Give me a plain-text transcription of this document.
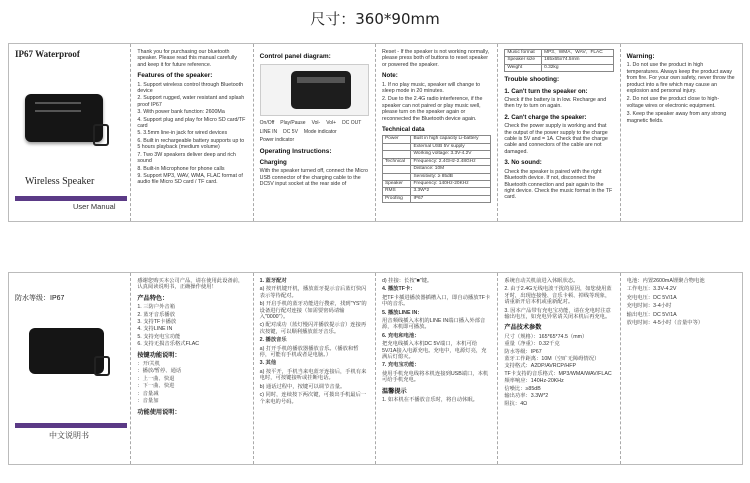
尺寸：360*90mm
IP67 Waterproof
Wireless Speaker
User Manual

Thank you for purchasing our bluetooth speaker. Please read this manual carefully and keep it for future reference.

Features of the speaker:
1. Support wireless control through Bluetooth device
2. Support rugged, water resistant and splash proof IP67
3. With power bank function: 2600Ma
4. Support plug and play for Micro SD card/TF card
5. 3.5mm line-in jack for wired devices
6. Built in rechargeable battery supports up to 5 hours playback (medium volume)
7. Two 3W speakers deliver deep and rich sound
8. Built-in Microphone for phone calls
9. Support MP3, WAV, WMA, FLAC format of audio file Micro SD card / TF card.
Control panel diagram:
On/Off Play/Pause Vol- Vol+ DC OUT
LINE IN DC 5V Mode indicator
Power indicator
Operating Instructions:
Charging

With the speaker turned off, connect the Micro USB connector of the charging cable to the DC5V input socket at the rear side of

Reset - If the speaker is not working normally, please press both of buttons to reset speaker or powered the speaker.

Note:

1. If no play music, speaker will change to sleep mode in 20 minutes.

2. Due to the 2.4G radio interference, if the speaker can not paired or play music well, please turn on the speaker again or reconnected the Bluetooth device again.

Technical data
Power	Built in high capacity Li-battery
	External USB 5V supply
	Working voltage: 3.3V-4.2V
Technical	Frequency: 2.4GHz-2.48GHz
	Distance: 10M
	Sensitivity: ≥ 85dB
Speaker	Frequency: 140Hz-20KHz
RMS	3.3W*2
Proofing	IP67
Music format	MP3、WMA、WAV、FLAC
Speaker size	165x65x74.5mm
Weight	0.32kg
Trouble shooting:
1. Can't turn the speaker on:

Check if the battery is in low. Recharge and then try to turn on again.

2. Can't charge the speaker:

Check the power supply is working and that the output of the power supply to the charge cable is 5V and = 1A. Check that the charge cable and connectors of the cable are not damaged.

3. No sound:

Check the speaker is paired with the right Bluetooth device. If not, disconnect the Bluetooth connection and pair again to the right device. Check the music format in the TF card.

Warning:

1. Do not use the product in high temperatures. Always keep the product away from fire. For your own safety, never throw the product into a fire which may cause an explosion and personal injury.

2. Do not use the product close to high-voltage wires or electronic equipment.

3. Keep the speaker away from any strong magnetic fields.

防水等级：IP67
中文说明书

感谢您购买本公司产品，请在使用此设备前，认真阅读说明书，正确操作使用！

产品特色：
1. 三防户外音箱
2. 蓝牙音乐播放
3. 支持TF卡播放
4. 支持LINE IN
5. 支持充电宝功能
6. 支持无损音乐格式FLAC
按键功能说明：
：开/关机
：播放/暂停、通话
：上一曲、快退
：下一曲、快进
：音量减
：音量加
功能使用说明：

1. 蓝牙配对

a) 按开机键开机，播放蓝牙提示音后蓝灯快闪表示等待配对。

b) 开启手机的蓝牙功能进行搜索，找到"YS"的设备进行配对连接（如需要密码请输入"0000"）。

c) 配对成功（蓝灯慢闪并播放提示音）连接再次按键，可以顺利播放蓝牙音乐。

2. 播放音乐

a) 打开手机的播放器播放音乐。（播放和暂停，可能有手机或者是电脑。）

3. 其他

a) 按平开，手机当来电蓝牙连接后，手机有来电时，可按键接听或挂断电话。

b) 通话过程中，按键可以调节音量。

c) 同时，连续按下两次键，可拨出手机最后一个来电的号码。

d) 挂接：长按"■"键。

4. 播放TF卡：

把TF卡插进播放器插槽入口，即自动播放TF卡中的音乐。

5. 播放LINE IN：

用音频线插入本机的LINE IN端口播入外部音源，本机即可播放。

6. 充电和电池：

把充电线插入本机DC 5V端口，本机可给5V/1A接入电源充电。充电中，电源灯亮，充满后灯熄灭。

7. 充电宝功能：

使用手机充电线将本机连接到USB端口，本机可给手机充电。

温馨提示

1. 如本机在不播放音乐时，将自动休眠。

系统自动关机前进入休眠状态。

2. 由于2.4G无线电波干扰的原因，如您使用蓝牙时，出现连接慢、音乐卡顿、掉线等现象，请重新开启本机或重新配对。

3. 因本产品带有充电宝功能，请在充电时注意输出电压，如充电异常请关闭本机后再充电。

产品技术参数
尺寸（规格）：165*65*74.5（mm）
重量（净重）：0.32千克
防水等级：IP67
蓝牙工作距离：10M（空旷无障碍情况）
支持格式：A2DP/AVRCP/HFP
TF卡支持的音乐格式：MP3/WMA/WAV/FLAC
频率响应：140Hz-20KHz
信噪比：≥85dB
输出功率：3.3W*2
阻抗：4Ω

电池：内置2600mA锂聚合物电池

工作电压：3.3V-4.2V

充电电压：DC 5V/1A

充电时间：3-4小时

输出电压：DC 5V/1A

放电时间：4-5小时（音量中等）
